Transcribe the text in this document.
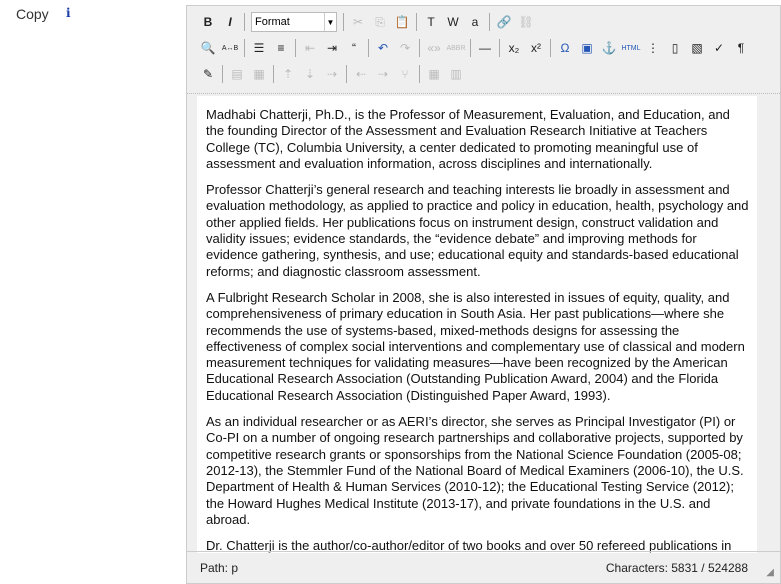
Copy i
B I Format	▼ ✂ ⎘ 📋 T W a 🔗 ⛓
🔍 A↔B ☰ ≡ ⇤ ⇥ “ ↶ ↷ «» ABBR — x₂ x² Ω ▣ ⚓ HTML ⋮ ▯ ▧ ✓ ¶
✎ ▤ ▦ ⇡ ⇣ ⇢ ⇠ ⇢ ⑂ ▦ ▥

Madhabi Chatterji, Ph.D., is the Professor of Measurement, Evaluation, and Education, and the founding Director of the Assessment and Evaluation Research Initiative at Teachers College (TC), Columbia University, a center dedicated to promoting meaningful use of assessment and evaluation information, across disciplines and internationally.

Professor Chatterji’s general research and teaching interests lie broadly in assessment and evaluation methodology, as applied to practice and policy in education, health, psychology and other applied fields. Her publications focus on instrument design, construct validation and validity issues; evidence standards, the “evidence debate” and improving methods for evidence gathering, synthesis, and use; educational equity and standards-based educational reforms; and diagnostic classroom assessment.

A Fulbright Research Scholar in 2008, she is also interested in issues of equity, quality, and comprehensiveness of primary education in South Asia. Her past publications—where she recommends the use of systems-based, mixed-methods designs for assessing the effectiveness of complex social interventions and complementary use of classical and modern measurement techniques for validating measures—have been recognized by the American Educational Research Association (Outstanding Publication Award, 2004) and the Florida Educational Research Association (Distinguished Paper Award, 1993).

As an individual researcher or as AERI’s director, she serves as Principal Investigator (PI) or Co-PI on a number of ongoing research partnerships and collaborative projects, supported by competitive research grants or sponsorships from the National Science Foundation (2005-08; 2012-13), the Stemmler Fund of the National Board of Medical Examiners (2006-10), the U.S. Department of Health & Human Services (2010-12); the Educational Testing Service (2012); the Howard Hughes Medical Institute (2013-17), and private foundations in the U.S. and abroad.

Dr. Chatterji is the author/co-author/editor of two books and over 50 refereed publications in

Path: p	Characters: 5831 / 524288 ◢
